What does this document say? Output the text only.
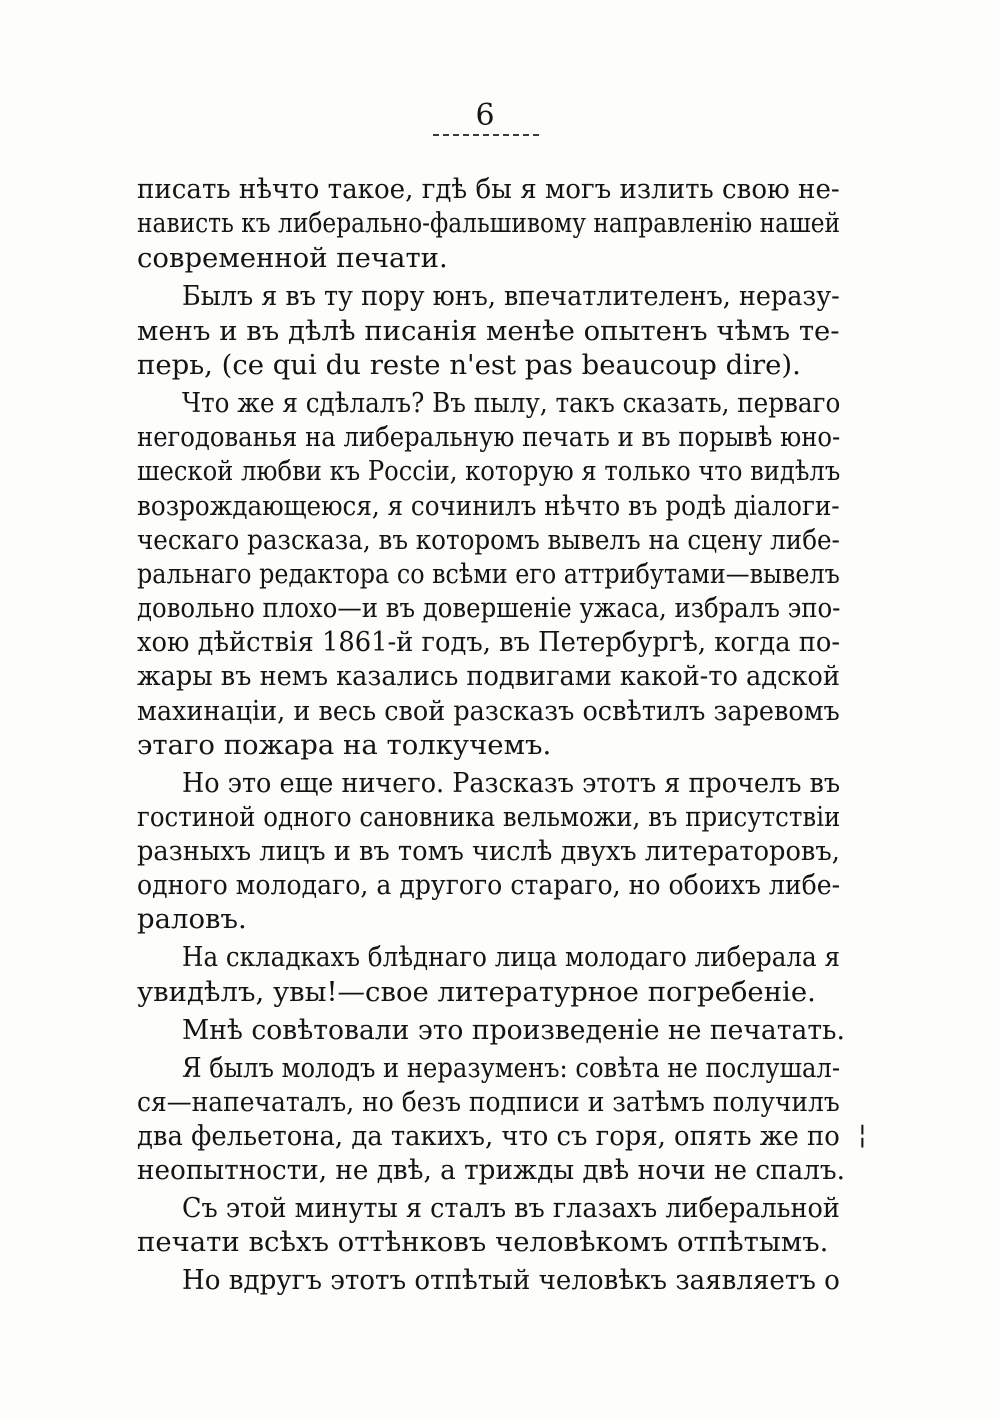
6
писать нѣчто такое, гдѣ бы я могъ излить свою не-
нависть къ либерально-фальшивому направленію нашей
современной печати.
Былъ я въ ту пору юнъ, впечатлителенъ, неразу-
менъ и въ дѣлѣ писанія менѣе опытенъ чѣмъ те-
перь, (ce qui du reste n'est pas beaucoup dire).
Что же я сдѣлалъ? Въ пылу, такъ сказать, перваго
негодованья на либеральную печать и въ порывѣ юно-
шеской любви къ Россіи, которую я только что видѣлъ
возрождающеюся, я сочинилъ нѣчто въ родѣ діалоги-
ческаго разсказа, въ которомъ вывелъ на сцену либе-
ральнаго редактора со всѣми его аттрибутами—вывелъ
довольно плохо—и въ довершеніе ужаса, избралъ эпо-
хою дѣйствія 1861-й годъ, въ Петербургѣ, когда по-
жары въ немъ казались подвигами какой-то адской
махинаціи, и весь свой разсказъ освѣтилъ заревомъ
этаго пожара на толкучемъ.
Но это еще ничего. Разсказъ этотъ я прочелъ въ
гостиной одного сановника вельможи, въ присутствіи
разныхъ лицъ и въ томъ числѣ двухъ литераторовъ,
одного молодаго, а другого стараго, но обоихъ либе-
раловъ.
На складкахъ блѣднаго лица молодаго либерала я
увидѣлъ, увы!—свое литературное погребеніе.
Мнѣ совѣтовали это произведеніе не печатать.
Я былъ молодъ и неразуменъ: совѣта не послушал-
ся—напечаталъ, но безъ подписи и затѣмъ получилъ
два фельетона, да такихъ, что съ горя, опять же по
неопытности, не двѣ, а трижды двѣ ночи не спалъ.
Съ этой минуты я сталъ въ глазахъ либеральной
печати всѣхъ оттѣнковъ человѣкомъ отпѣтымъ.
Но вдругъ этотъ отпѣтый человѣкъ заявляетъ о
¦
